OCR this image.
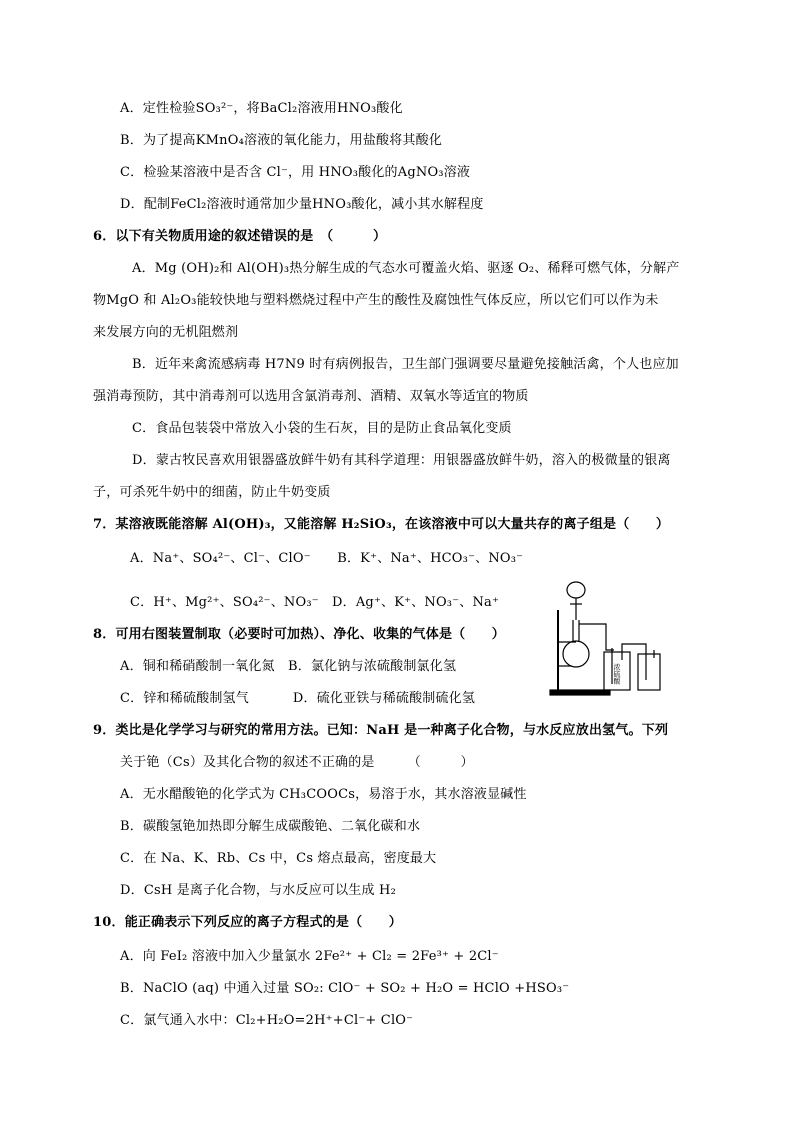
A．定性检验SO₃²⁻，将BaCl₂溶液用HNO₃酸化
B．为了提高KMnO₄溶液的氧化能力，用盐酸将其酸化
C．检验某溶液中是否含 Cl⁻，用 HNO₃酸化的AgNO₃溶液
D．配制FeCl₂溶液时通常加少量HNO₃酸化，减小其水解程度
6．以下有关物质用途的叙述错误的是　（　　　）
A．Mg (OH)₂和 Al(OH)₃热分解生成的气态水可覆盖火焰、驱逐 O₂、稀释可燃气体，分解产
物MgO 和 Al₂O₃能较快地与塑料燃烧过程中产生的酸性及腐蚀性气体反应，所以它们可以作为未
来发展方向的无机阻燃剂
B．近年来禽流感病毒 H7N9 时有病例报告，卫生部门强调要尽量避免接触活禽，个人也应加
强消毒预防，其中消毒剂可以选用含氯消毒剂、酒精、双氧水等适宜的物质
C．食品包装袋中常放入小袋的生石灰，目的是防止食品氧化变质
D．蒙古牧民喜欢用银器盛放鲜牛奶有其科学道理：用银器盛放鲜牛奶，溶入的极微量的银离
子，可杀死牛奶中的细菌，防止牛奶变质
7．某溶液既能溶解 Al(OH)₃，又能溶解 H₂SiO₃，在该溶液中可以大量共存的离子组是（　　）
A．Na⁺、SO₄²⁻、Cl⁻、ClO⁻　　B．K⁺、Na⁺、HCO₃⁻、NO₃⁻
C．H⁺、Mg²⁺、SO₄²⁻、NO₃⁻　D．Ag⁺、K⁺、NO₃⁻、Na⁺
8．可用右图装置制取（必要时可加热）、净化、收集的气体是（　　）
A．铜和稀硝酸制一氧化氮　B．氯化钠与浓硫酸制氯化氢
C．锌和稀硫酸制氢气　　　 D．硫化亚铁与稀硫酸制硫化氢
9．类比是化学学习与研究的常用方法。已知：NaH 是一种离子化合物，与水反应放出氢气。下列
关于铯（Cs）及其化合物的叙述不正确的是　　　（　　　）
A．无水醋酸铯的化学式为 CH₃COOCs，易溶于水，其水溶液显碱性
B．碳酸氢铯加热即分解生成碳酸铯、二氧化碳和水
C．在 Na、K、Rb、Cs 中，Cs 熔点最高，密度最大
D．CsH 是离子化合物，与水反应可以生成 H₂
10．能正确表示下列反应的离子方程式的是（　　）
A．向 FeI₂ 溶液中加入少量氯水 2Fe²⁺ + Cl₂ = 2Fe³⁺ + 2Cl⁻
B．NaClO (aq) 中通入过量 SO₂: ClO⁻ + SO₂ + H₂O = HClO +HSO₃⁻
C．氯气通入水中：Cl₂+H₂O=2H⁺+Cl⁻+ ClO⁻
浓硫酸
